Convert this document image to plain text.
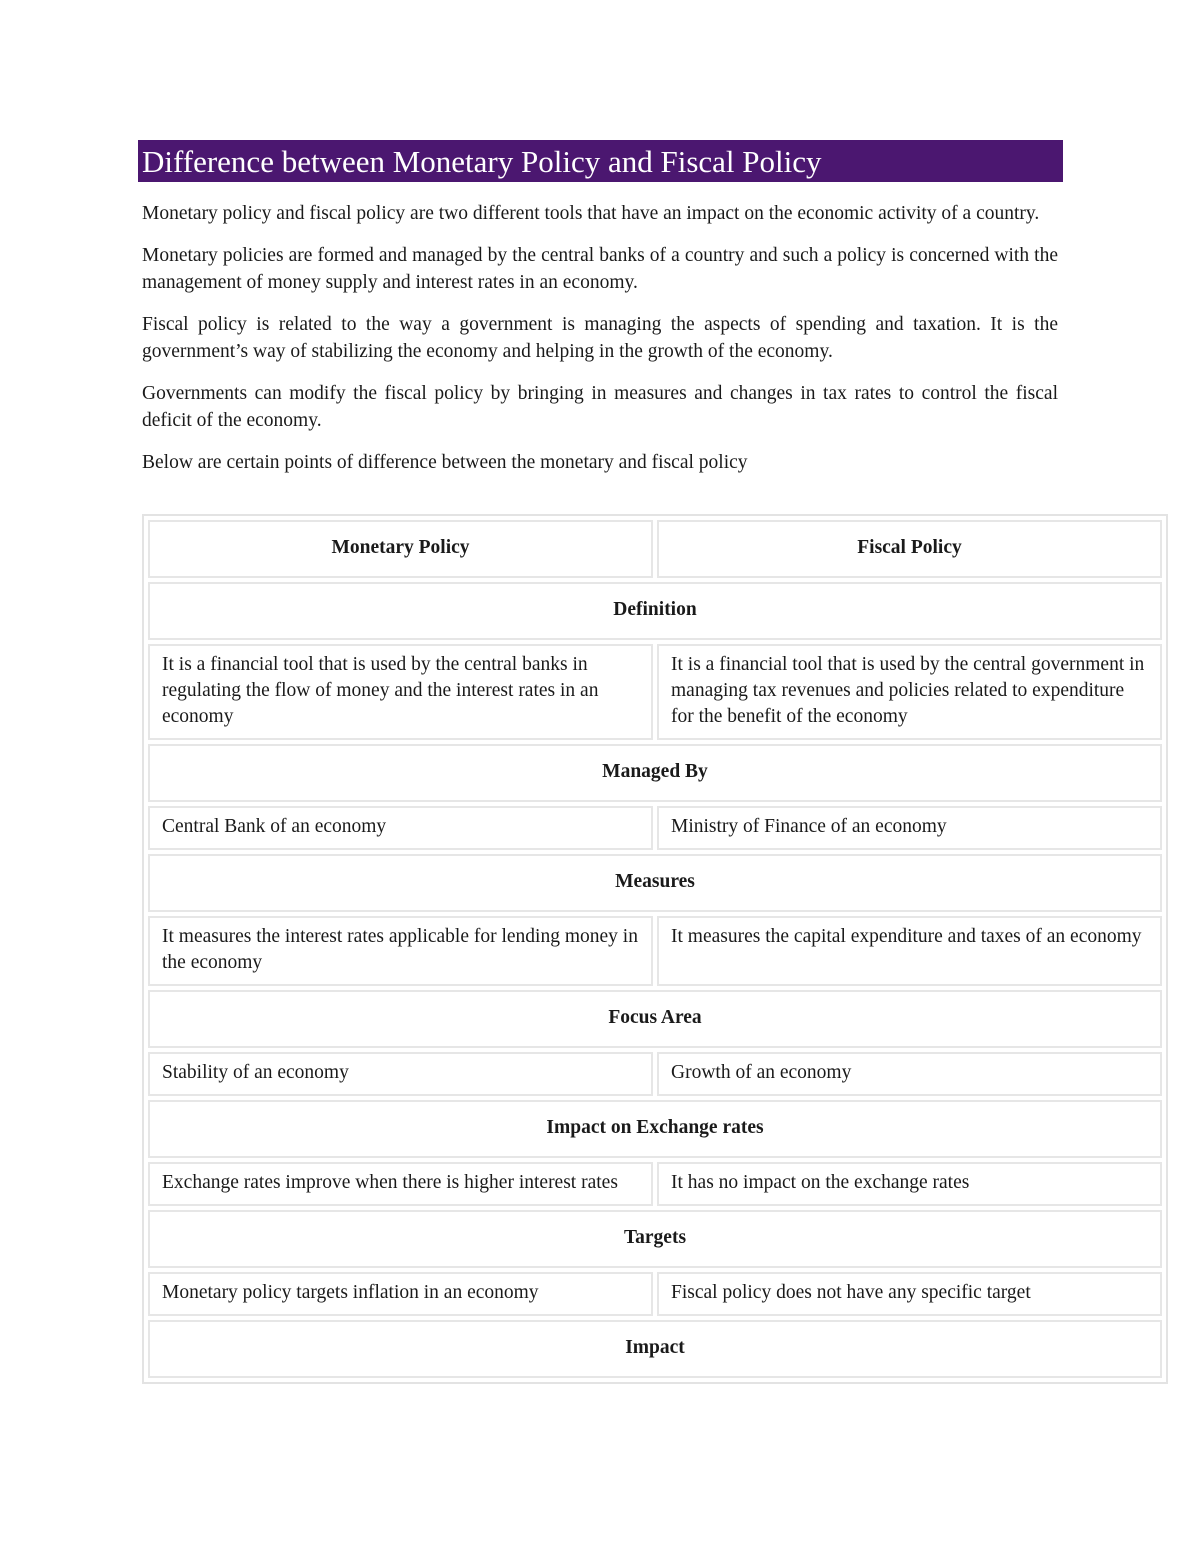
Difference between Monetary Policy and Fiscal Policy

Monetary policy and fiscal policy are two different tools that have an impact on the economic activity of a country.

Monetary policies are formed and managed by the central banks of a country and such a policy is concerned with the management of money supply and interest rates in an economy.

Fiscal policy is related to the way a government is managing the aspects of spending and taxation. It is the government’s way of stabilizing the economy and helping in the growth of the economy.

Governments can modify the fiscal policy by bringing in measures and changes in tax rates to control the fiscal deficit of the economy.

Below are certain points of difference between the monetary and fiscal policy

Monetary Policy	Fiscal Policy
Definition	
It is a financial tool that is used by the central banks in regulating the flow of money and the interest rates in an economy	It is a financial tool that is used by the central government in managing tax revenues and policies related to expenditure for the benefit of the economy
Managed By	
Central Bank of an economy	Ministry of Finance of an economy
Measures	
It measures the interest rates applicable for lending money in the economy	It measures the capital expenditure and taxes of an economy
Focus Area	
Stability of an economy	Growth of an economy
Impact on Exchange rates	
Exchange rates improve when there is higher interest rates	It has no impact on the exchange rates
Targets	
Monetary policy targets inflation in an economy	Fiscal policy does not have any specific target
Impact	
